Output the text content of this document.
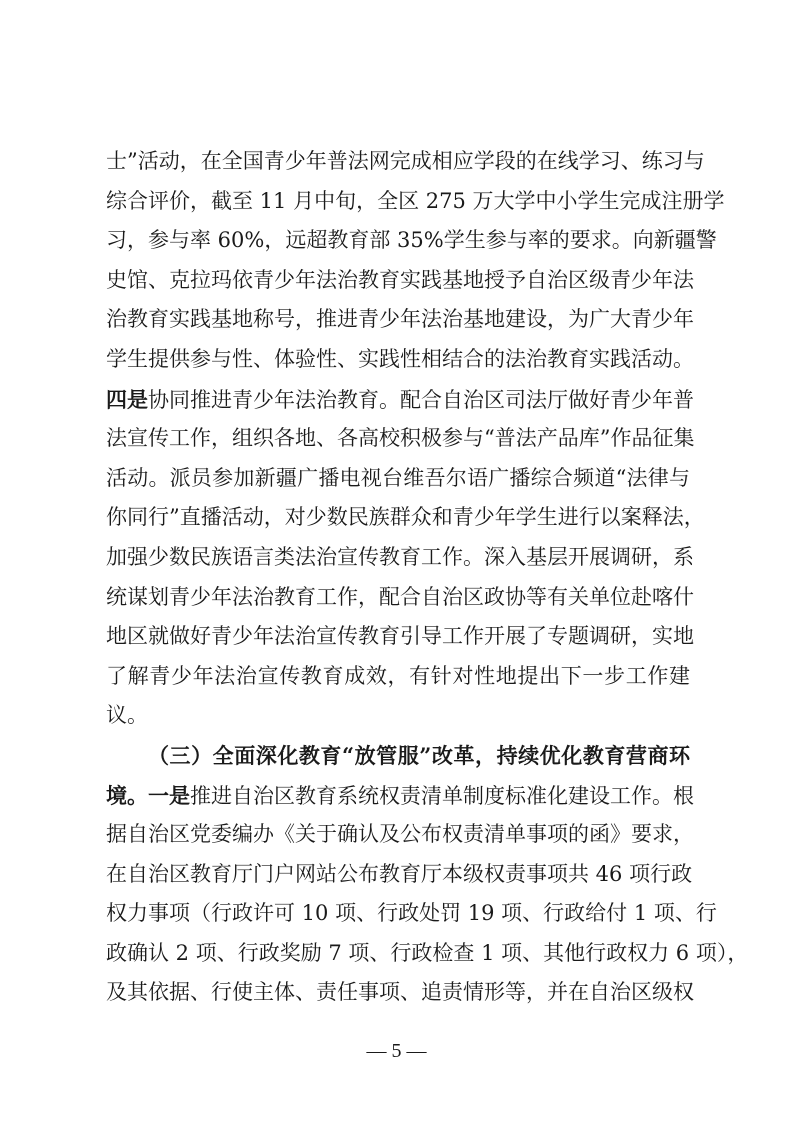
士”活动，在全国青少年普法网完成相应学段的在线学习、练习与
综合评价，截至 11 月中旬，全区 275 万大学中小学生完成注册学
习，参与率 60%，远超教育部 35%学生参与率的要求。向新疆警
史馆、克拉玛依青少年法治教育实践基地授予自治区级青少年法
治教育实践基地称号，推进青少年法治基地建设，为广大青少年
学生提供参与性、体验性、实践性相结合的法治教育实践活动。
四是协同推进青少年法治教育。配合自治区司法厅做好青少年普
法宣传工作，组织各地、各高校积极参与“普法产品库”作品征集
活动。派员参加新疆广播电视台维吾尔语广播综合频道“法律与
你同行”直播活动，对少数民族群众和青少年学生进行以案释法，
加强少数民族语言类法治宣传教育工作。深入基层开展调研，系
统谋划青少年法治教育工作，配合自治区政协等有关单位赴喀什
地区就做好青少年法治宣传教育引导工作开展了专题调研，实地
了解青少年法治宣传教育成效，有针对性地提出下一步工作建
议。
（三）全面深化教育“放管服”改革，持续优化教育营商环
境。一是推进自治区教育系统权责清单制度标准化建设工作。根
据自治区党委编办《关于确认及公布权责清单事项的函》要求，
在自治区教育厅门户网站公布教育厅本级权责事项共 46 项行政
权力事项（行政许可 10 项、行政处罚 19 项、行政给付 1 项、行
政确认 2 项、行政奖励 7 项、行政检查 1 项、其他行政权力 6 项），
及其依据、行使主体、责任事项、追责情形等，并在自治区级权
— 5 —
